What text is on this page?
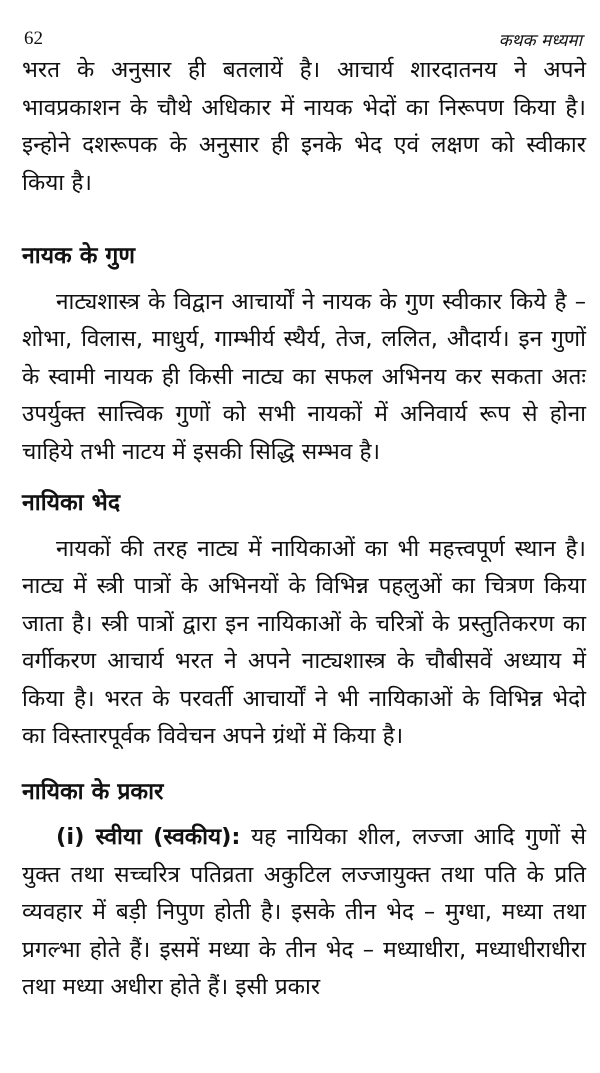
62	कथक मध्यमा

भरत के अनुसार ही बतलायें है। आचार्य शारदातनय ने अपने भावप्रकाशन के चौथे अधिकार में नायक भेदों का निरूपण किया है। इन्होने दशरूपक के अनुसार ही इनके भेद एवं लक्षण को स्वीकार किया है।

नायक के गुण

नाट्यशास्त्र के विद्वान आचार्यों ने नायक के गुण स्वीकार किये है – शोभा, विलास, माधुर्य, गाम्भीर्य स्थैर्य, तेज, ललित, औदार्य। इन गुणों के स्वामी नायक ही किसी नाट्य का सफल अभिनय कर सकता अतः उपर्युक्त सात्त्विक गुणों को सभी नायकों में अनिवार्य रूप से होना चाहिये तभी नाटय में इसकी सिद्धि सम्भव है।

नायिका भेद

नायकों की तरह नाट्य में नायिकाओं का भी महत्त्वपूर्ण स्थान है। नाट्य में स्त्री पात्रों के अभिनयों के विभिन्न पहलुओं का चित्रण किया जाता है। स्त्री पात्रों द्वारा इन नायिकाओं के चरित्रों के प्रस्तुतिकरण का वर्गीकरण आचार्य भरत ने अपने नाट्यशास्त्र के चौबीसवें अध्याय में किया है। भरत के परवर्ती आचार्यों ने भी नायिकाओं के विभिन्न भेदो का विस्तारपूर्वक विवेचन अपने ग्रंथों में किया है।

नायिका के प्रकार

(i) स्वीया (स्वकीय): यह नायिका शील, लज्जा आदि गुणों से युक्त तथा सच्चरित्र पतिव्रता अकुटिल लज्जायुक्त तथा पति के प्रति व्यवहार में बड़ी निपुण होती है। इसके तीन भेद – मुग्धा, मध्या तथा प्रगल्भा होते हैं। इसमें मध्या के तीन भेद – मध्याधीरा, मध्याधीराधीरा तथा मध्या अधीरा होते हैं। इसी प्रकार
